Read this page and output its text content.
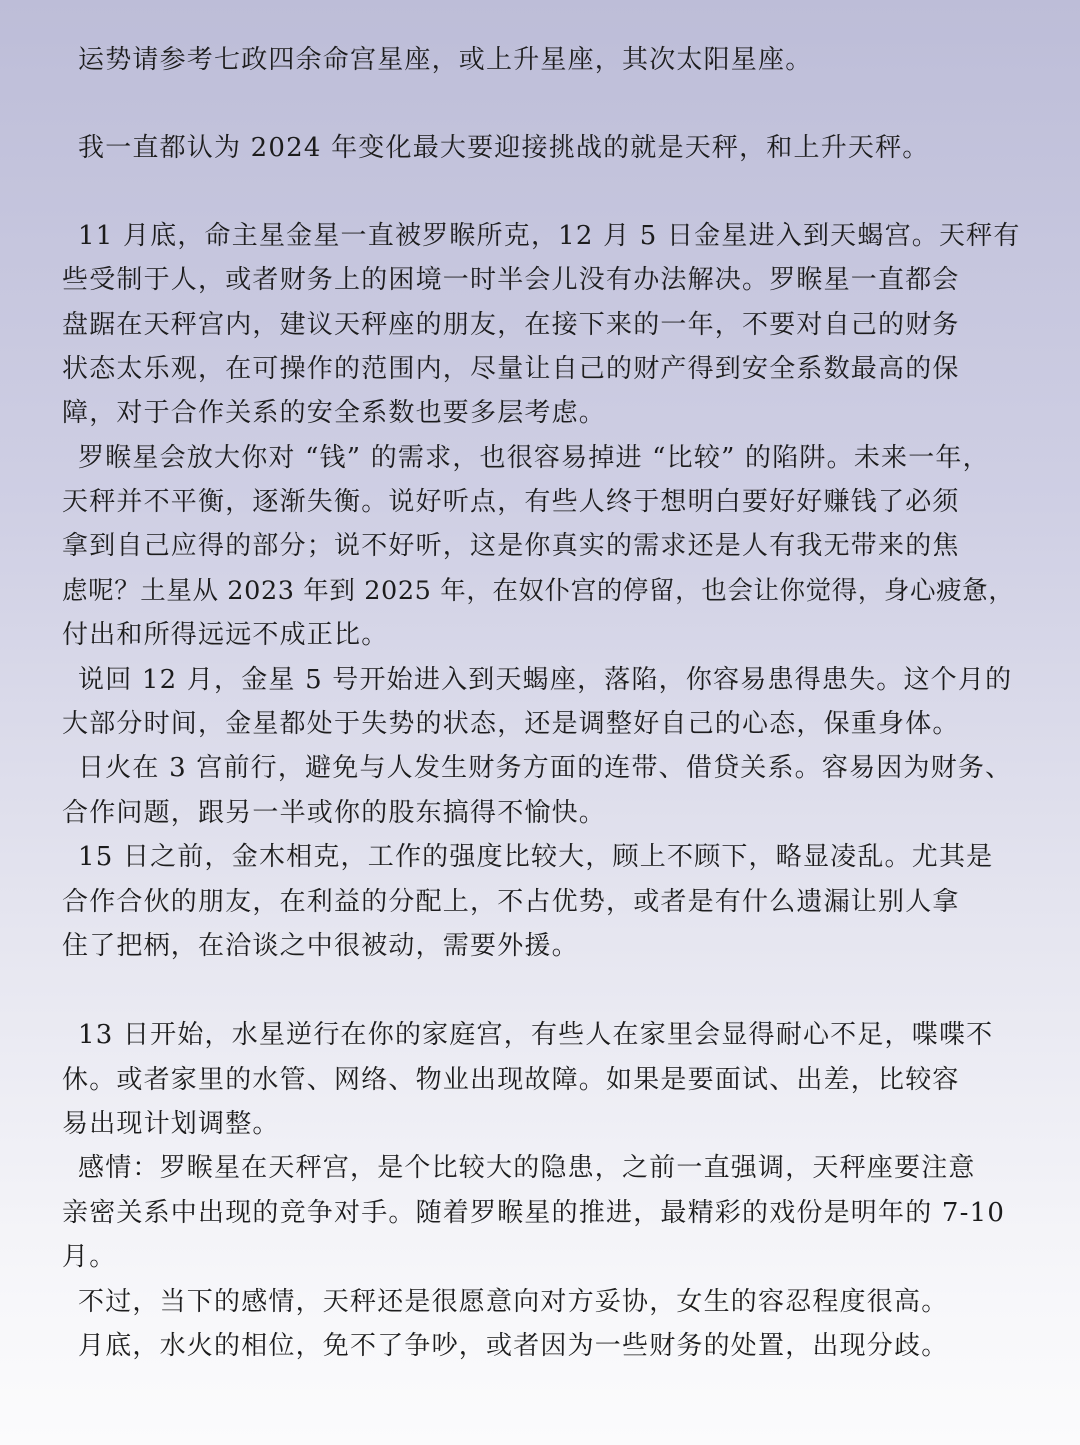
运势请参考七政四余命宫星座，或上升星座，其次太阳星座。
我一直都认为 2024 年变化最大要迎接挑战的就是天秤，和上升天秤。
11 月底，命主星金星一直被罗睺所克，12 月 5 日金星进入到天蝎宫。天秤有
些受制于人，或者财务上的困境一时半会儿没有办法解决。罗睺星一直都会
盘踞在天秤宫内，建议天秤座的朋友，在接下来的一年，不要对自己的财务
状态太乐观，在可操作的范围内，尽量让自己的财产得到安全系数最高的保
障，对于合作关系的安全系数也要多层考虑。
罗睺星会放大你对 “钱” 的需求，也很容易掉进 “比较” 的陷阱。未来一年，
天秤并不平衡，逐渐失衡。说好听点，有些人终于想明白要好好赚钱了必须
拿到自己应得的部分；说不好听，这是你真实的需求还是人有我无带来的焦
虑呢？土星从 2023 年到 2025 年，在奴仆宫的停留，也会让你觉得，身心疲惫，
付出和所得远远不成正比。
说回 12 月，金星 5 号开始进入到天蝎座，落陷，你容易患得患失。这个月的
大部分时间，金星都处于失势的状态，还是调整好自己的心态，保重身体。
日火在 3 宫前行，避免与人发生财务方面的连带、借贷关系。容易因为财务、
合作问题，跟另一半或你的股东搞得不愉快。
15 日之前，金木相克，工作的强度比较大，顾上不顾下，略显凌乱。尤其是
合作合伙的朋友，在利益的分配上，不占优势，或者是有什么遗漏让别人拿
住了把柄，在洽谈之中很被动，需要外援。
13 日开始，水星逆行在你的家庭宫，有些人在家里会显得耐心不足，喋喋不
休。或者家里的水管、网络、物业出现故障。如果是要面试、出差，比较容
易出现计划调整。
感情：罗睺星在天秤宫，是个比较大的隐患，之前一直强调，天秤座要注意
亲密关系中出现的竞争对手。随着罗睺星的推进，最精彩的戏份是明年的 7-10
月。
不过，当下的感情，天秤还是很愿意向对方妥协，女生的容忍程度很高。
月底，水火的相位，免不了争吵，或者因为一些财务的处置，出现分歧。
